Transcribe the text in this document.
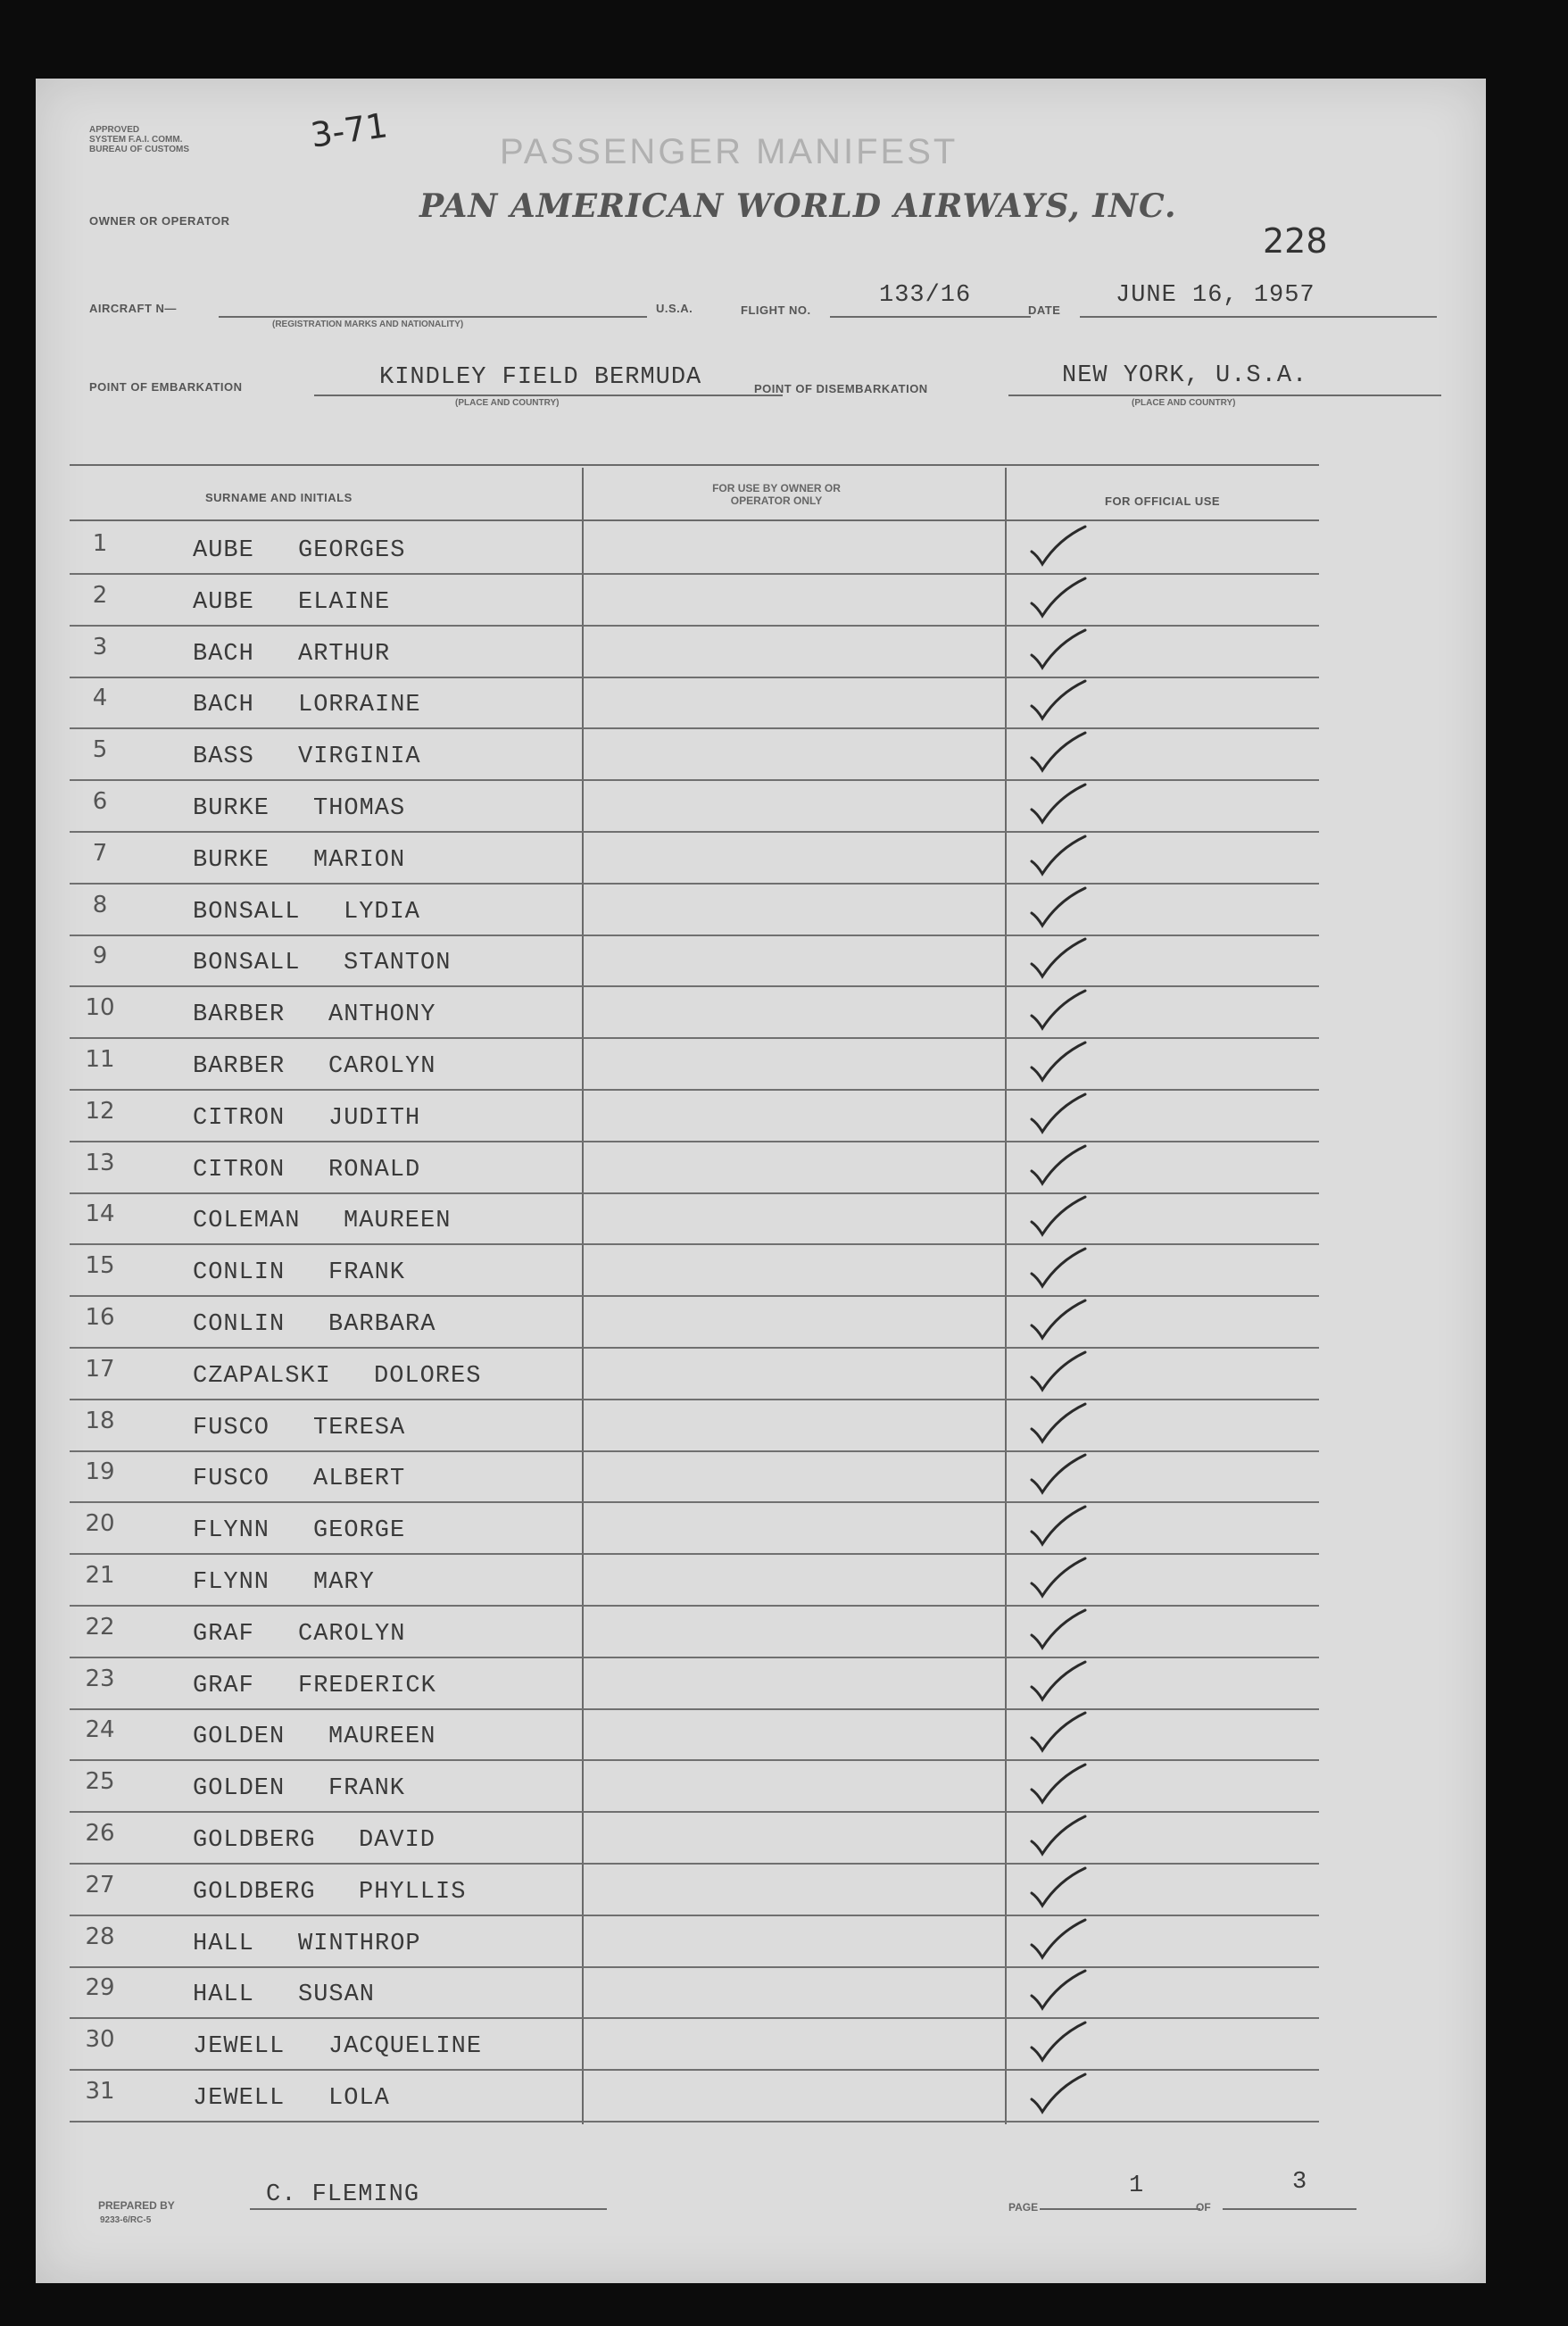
APPROVED
SYSTEM F.A.I. COMM.
BUREAU OF CUSTOMS	3-71	PASSENGER MANIFEST
PAN AMERICAN WORLD AIRWAYS, INC.
OWNER OR OPERATOR
228
AIRCRAFT N—
(REGISTRATION MARKS AND NATIONALITY)
U.S.A.	FLIGHT NO.
133/16
DATE
JUNE 16, 1957
POINT OF EMBARKATION	KINDLEY FIELD BERMUDA
(PLACE AND COUNTRY)
POINT OF DISEMBARKATION	NEW YORK, U.S.A.
(PLACE AND COUNTRY)
SURNAME AND INITIALS
FOR USE BY OWNER OR OPERATOR ONLY	FOR OFFICIAL USE
1	AUBE GEORGES
2	AUBE ELAINE
3	BACH ARTHUR
4	BACH LORRAINE
5	BASS VIRGINIA
6	BURKE THOMAS
7	BURKE MARION
8	BONSALL LYDIA
9	BONSALL STANTON
10	BARBER ANTHONY
11	BARBER CAROLYN
12	CITRON JUDITH
13	CITRON RONALD
14	COLEMAN MAUREEN
15	CONLIN FRANK
16	CONLIN BARBARA
17	CZAPALSKI DOLORES
18	FUSCO TERESA
19	FUSCO ALBERT
20	FLYNN GEORGE
21	FLYNN MARY
22	GRAF CAROLYN
23	GRAF FREDERICK
24	GOLDEN MAUREEN
25	GOLDEN FRANK
26	GOLDBERG DAVID
27	GOLDBERG PHYLLIS
28	HALL WINTHROP
29	HALL SUSAN
30	JEWELL JACQUELINE
31	JEWELL LOLA
PREPARED BY	C. FLEMING
9233-6/RC-5
PAGE
1
OF
3
